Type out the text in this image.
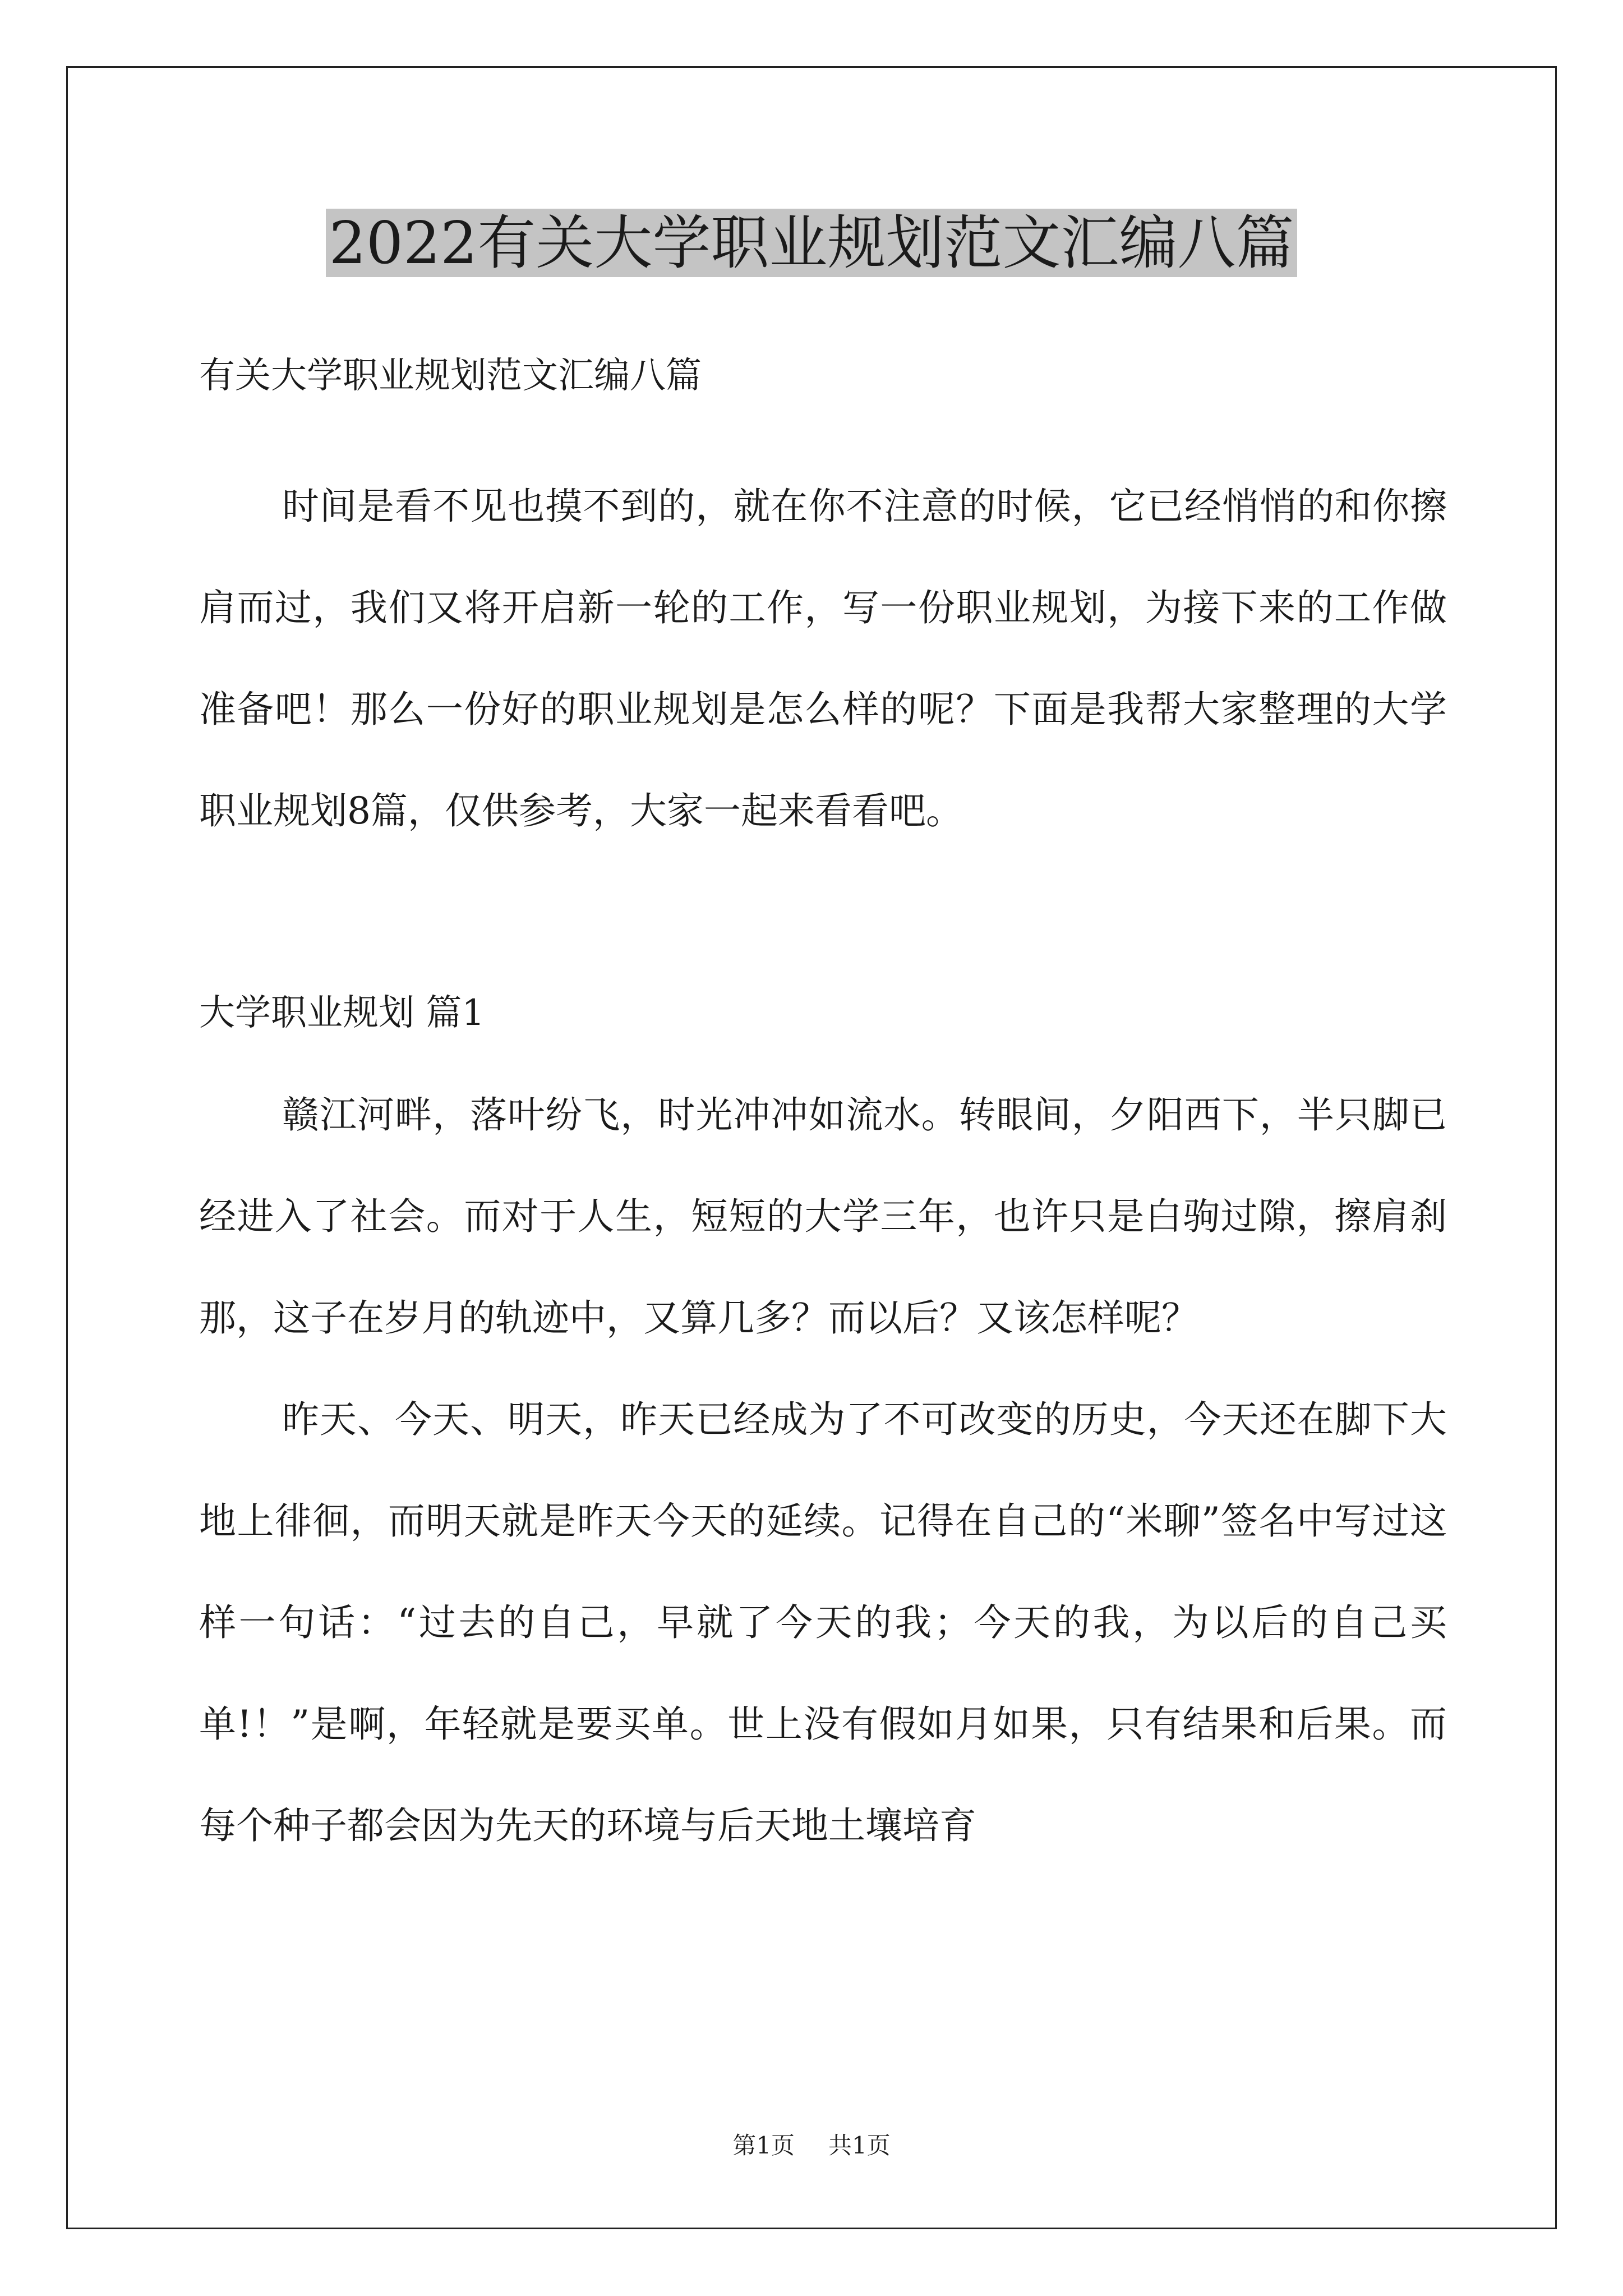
2022有关大学职业规划范文汇编八篇

有关大学职业规划范文汇编八篇

时间是看不见也摸不到的，就在你不注意的时候，它已经悄悄的和你擦肩而过，我们又将开启新一轮的工作，写一份职业规划，为接下来的工作做准备吧！那么一份好的职业规划是怎么样的呢？下面是我帮大家整理的大学职业规划8篇，仅供参考，大家一起来看看吧。

大学职业规划 篇1

赣江河畔，落叶纷飞，时光冲冲如流水。转眼间，夕阳西下，半只脚已经进入了社会。而对于人生，短短的大学三年，也许只是白驹过隙，擦肩刹那，这子在岁月的轨迹中，又算几多？而以后？又该怎样呢？

昨天、今天、明天，昨天已经成为了不可改变的历史，今天还在脚下大地上徘徊，而明天就是昨天今天的延续。记得在自己的“米聊”签名中写过这样一句话：“过去的自己，早就了今天的我；今天的我，为以后的自己买单!！”是啊，年轻就是要买单。世上没有假如月如果，只有结果和后果。而每个种子都会因为先天的环境与后天地土壤培育

第1页 共1页
